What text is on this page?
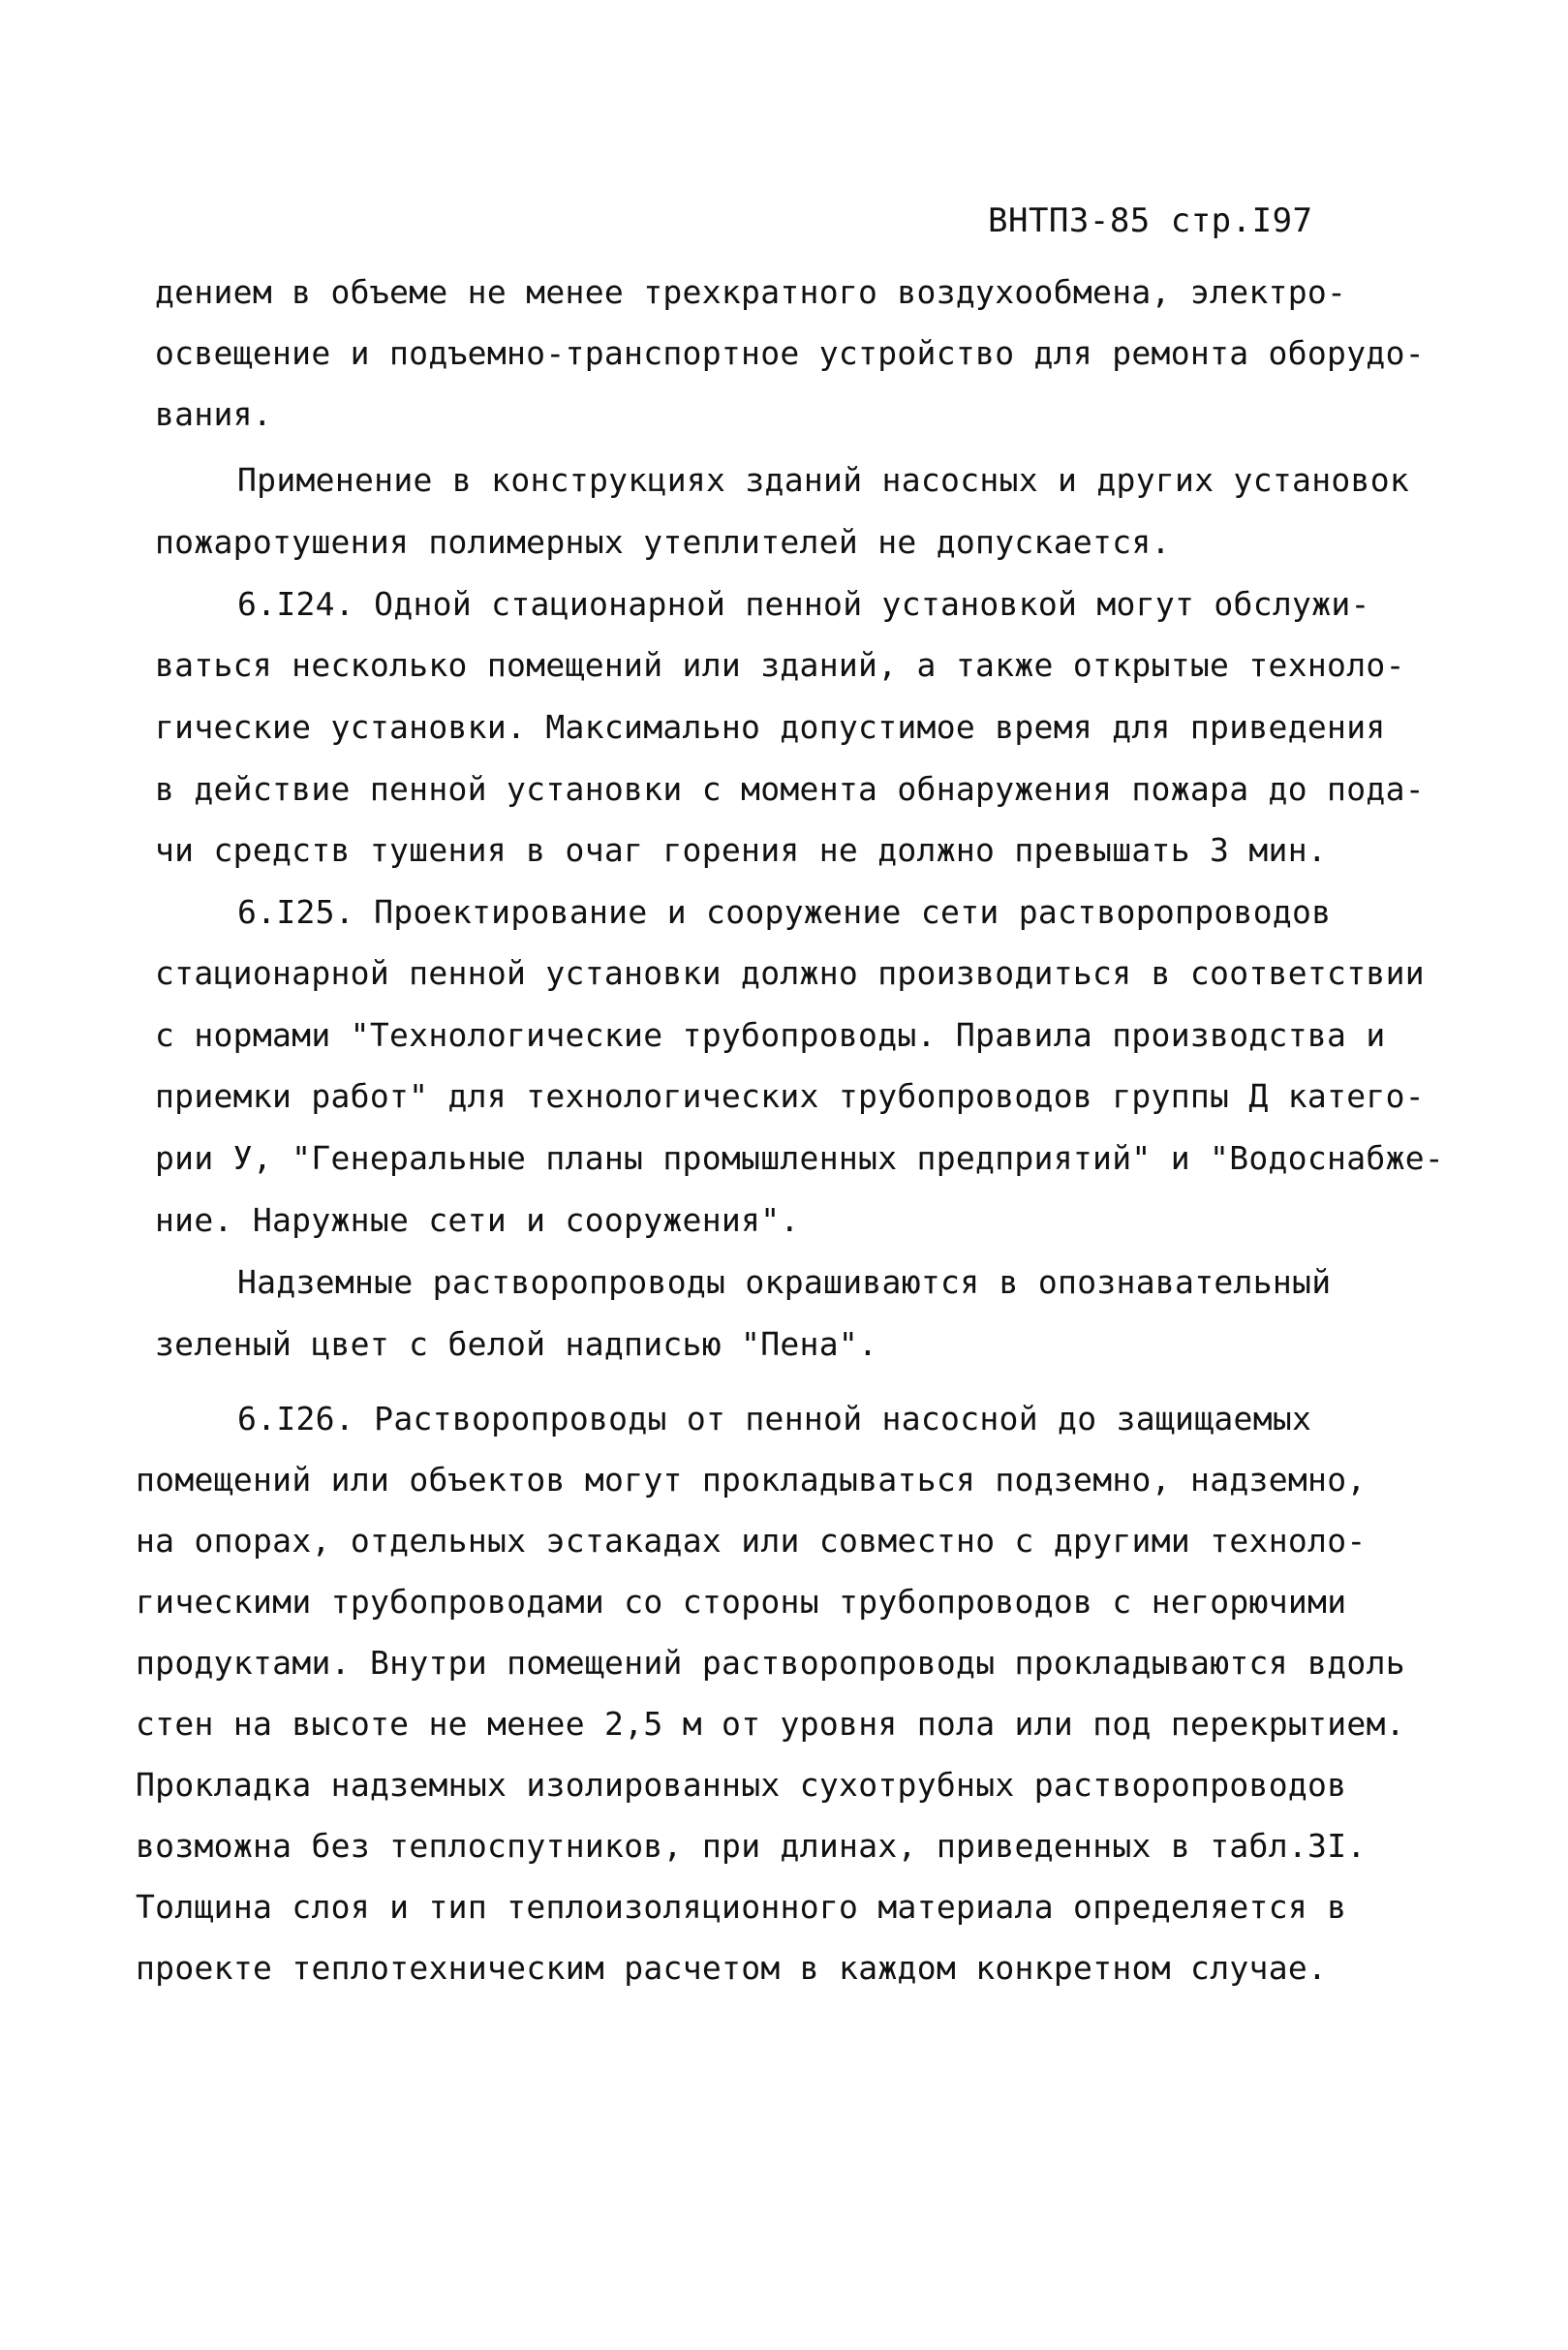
ВНТПЗ-85 стр.I97
дением в объеме не менее трехкратного воздухообмена, электро-
освещение и подъемно-транспортное устройство для ремонта оборудо-
вания.
Применение в конструкциях зданий насосных и других установок
пожаротушения полимерных утеплителей не допускается.
6.I24. Одной стационарной пенной установкой могут обслужи-
ваться несколько помещений или зданий, а также открытые техноло-
гические установки. Максимально допустимое время для приведения
в действие пенной установки с момента обнаружения пожара до пода-
чи средств тушения в очаг горения не должно превышать 3 мин.
6.I25. Проектирование и сооружение сети растворопроводов
стационарной пенной установки должно производиться в соответствии
с нормами "Технологические трубопроводы. Правила производства и
приемки работ" для технологических трубопроводов группы Д катего-
рии У, "Генеральные планы промышленных предприятий" и "Водоснабже-
ние. Наружные сети и сооружения".
Надземные растворопроводы окрашиваются в опознавательный
зеленый цвет с белой надписью "Пена".
6.I26. Растворопроводы от пенной насосной до защищаемых
помещений или объектов могут прокладываться подземно, надземно,
на опорах, отдельных эстакадах или совместно с другими техноло-
гическими трубопроводами со стороны трубопроводов с негорючими
продуктами. Внутри помещений растворопроводы прокладываются вдоль
стен на высоте не менее 2,5 м от уровня пола или под перекрытием.
Прокладка надземных изолированных сухотрубных растворопроводов
возможна без теплоспутников, при длинах, приведенных в табл.3I.
Толщина слоя и тип теплоизоляционного материала определяется в
проекте теплотехническим расчетом в каждом конкретном случае.
